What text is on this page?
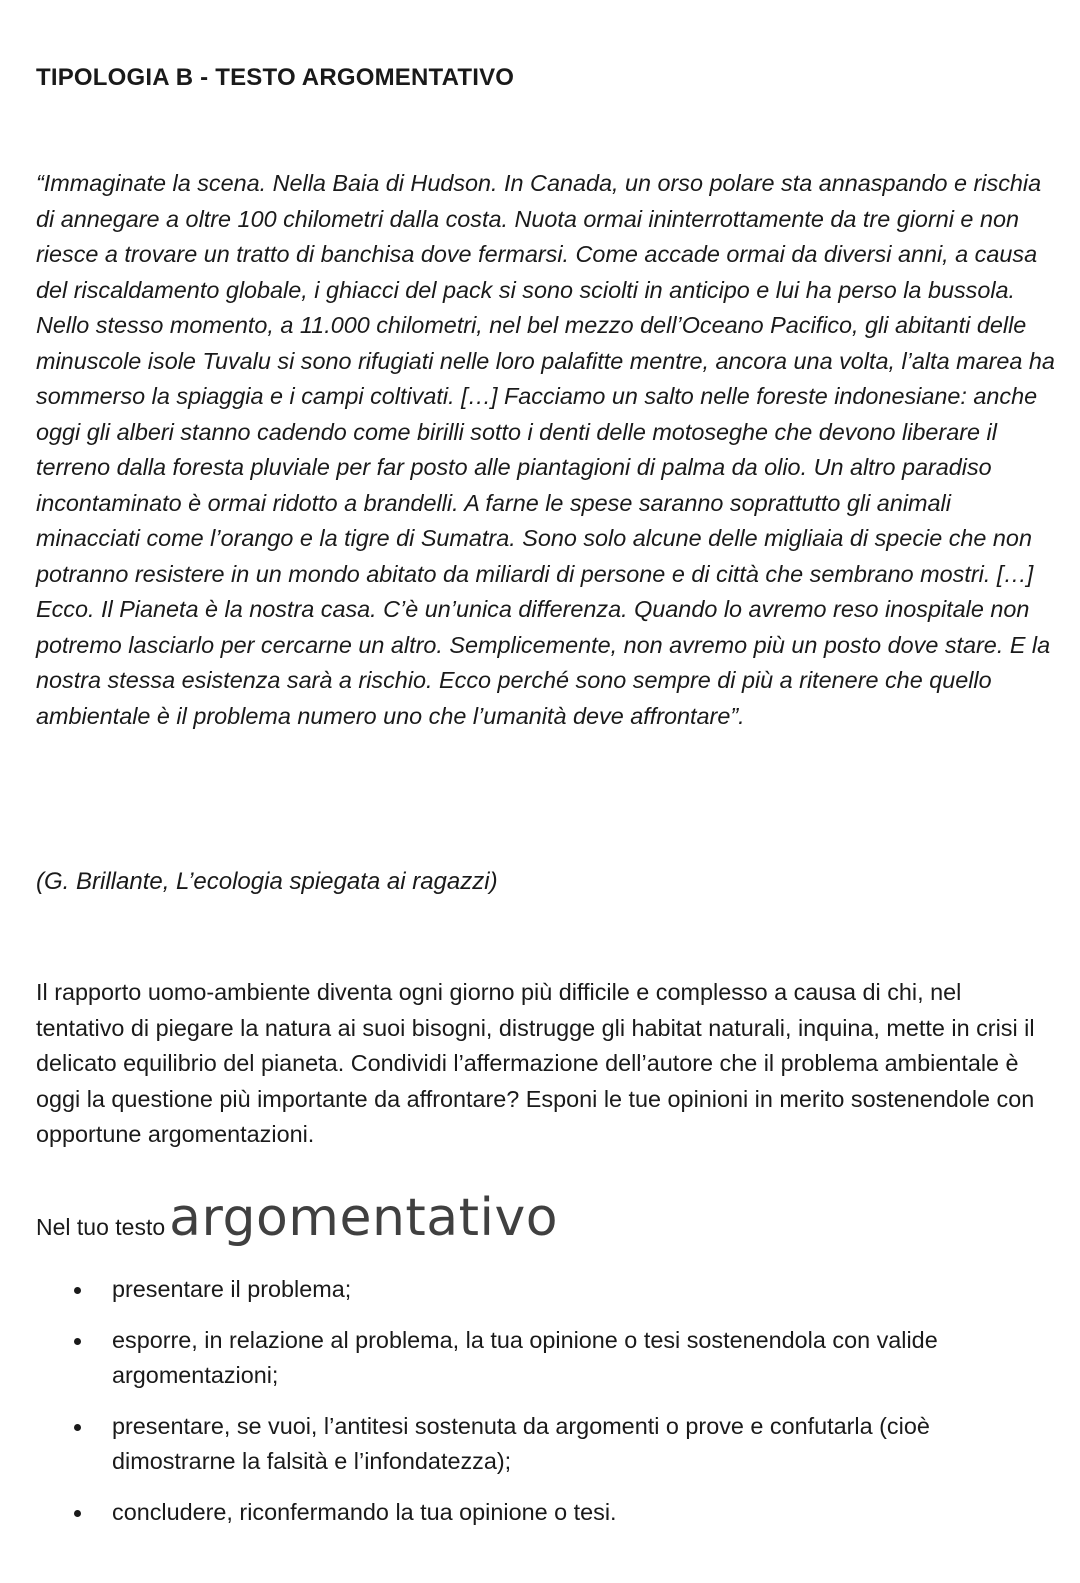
TIPOLOGIA B - TESTO ARGOMENTATIVO

“Immaginate la scena. Nella Baia di Hudson. In Canada, un orso polare sta annaspando e rischia di annegare a oltre 100 chilometri dalla costa. Nuota ormai ininterrottamente da tre giorni e non riesce a trovare un tratto di banchisa dove fermarsi. Come accade ormai da diversi anni, a causa del riscaldamento globale, i ghiacci del pack si sono sciolti in anticipo e lui ha perso la bussola. Nello stesso momento, a 11.000 chilometri, nel bel mezzo dell’Oceano Pacifico, gli abitanti delle minuscole isole Tuvalu si sono rifugiati nelle loro palafitte mentre, ancora una volta, l’alta marea ha sommerso la spiaggia e i campi coltivati. […] Facciamo un salto nelle foreste indonesiane: anche oggi gli alberi stanno cadendo come birilli sotto i denti delle motoseghe che devono liberare il terreno dalla foresta pluviale per far posto alle piantagioni di palma da olio. Un altro paradiso incontaminato è ormai ridotto a brandelli. A farne le spese saranno soprattutto gli animali minacciati come l’orango e la tigre di Sumatra. Sono solo alcune delle migliaia di specie che non potranno resistere in un mondo abitato da miliardi di persone e di città che sembrano mostri. […] Ecco. Il Pianeta è la nostra casa. C’è un’unica differenza. Quando lo avremo reso inospitale non potremo lasciarlo per cercarne un altro. Semplicemente, non avremo più un posto dove stare. E la nostra stessa esistenza sarà a rischio. Ecco perché sono sempre di più a ritenere che quello ambientale è il problema numero uno che l’umanità deve affrontare”.

(G. Brillante, L’ecologia spiegata ai ragazzi)

Il rapporto uomo-ambiente diventa ogni giorno più difficile e complesso a causa di chi, nel tentativo di piegare la natura ai suoi bisogni, distrugge gli habitat naturali, inquina, mette in crisi il delicato equilibrio del pianeta. Condividi l’affermazione dell’autore che il problema ambientale è oggi la questione più importante da affrontare? Esponi le tue opinioni in merito sostenendole con opportune argomentazioni.

Nel tuo testoargomentativo

presentare il problema;
esporre, in relazione al problema, la tua opinione o tesi sostenendola con valide argomentazioni;
presentare, se vuoi, l’antitesi sostenuta da argomenti o prove e confutarla (cioè dimostrarne la falsità e l’infondatezza);
concludere, riconfermando la tua opinione o tesi.
